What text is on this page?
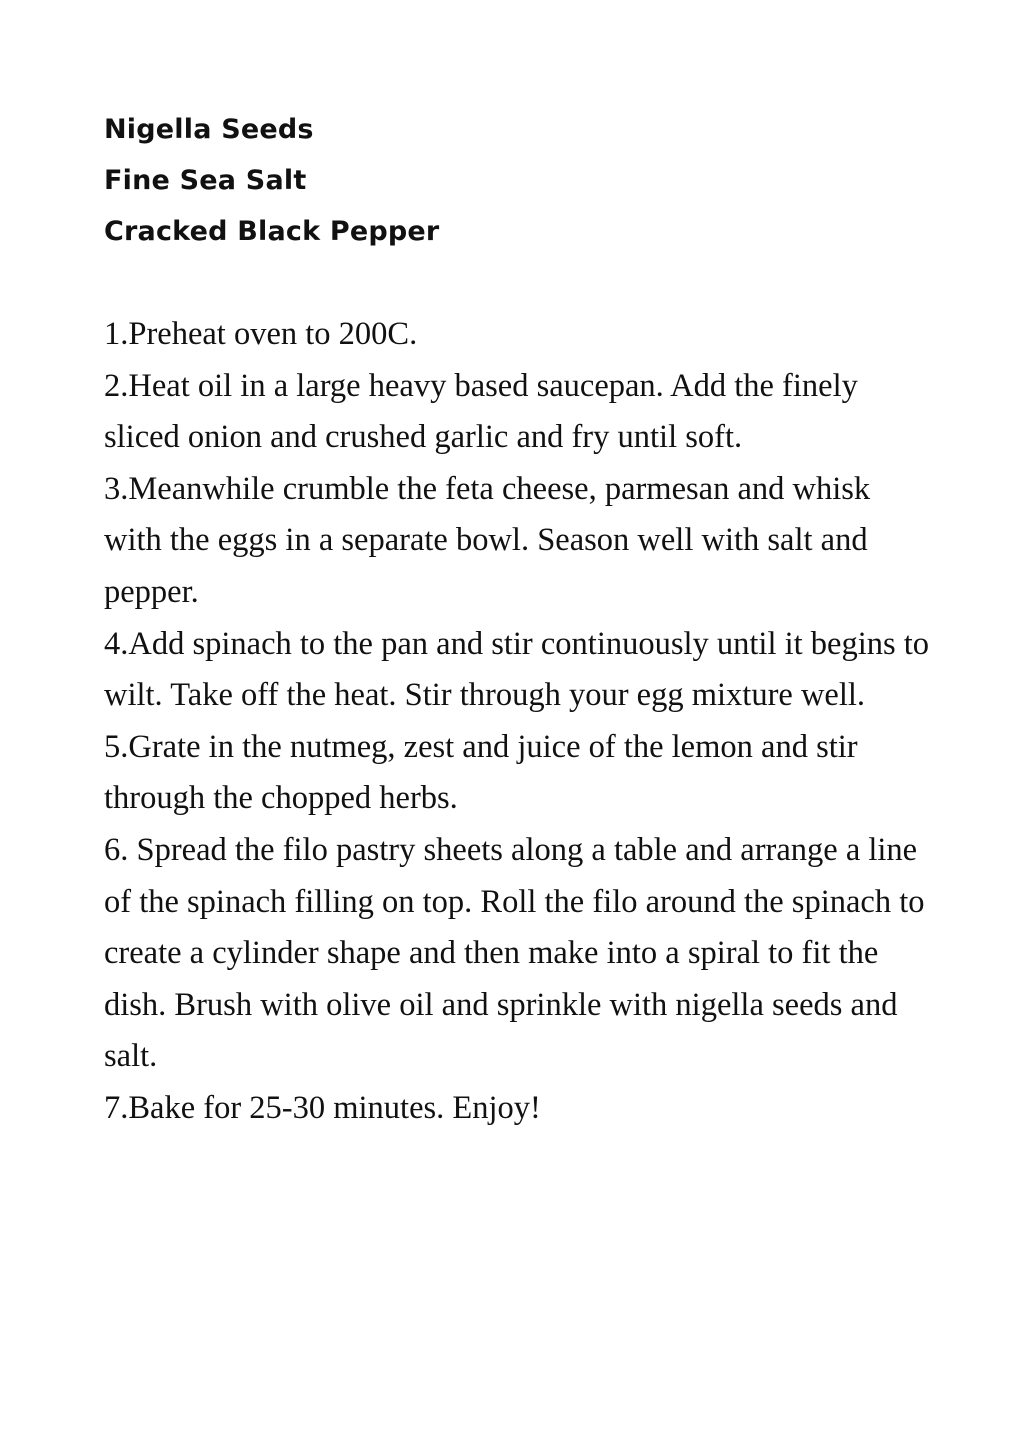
Nigella Seeds
Fine Sea Salt
Cracked Black Pepper
1.Preheat oven to 200C.
2.Heat oil in a large heavy based saucepan. Add the finely sliced onion and crushed garlic and fry until soft.
3.Meanwhile crumble the feta cheese, parmesan and whisk with the eggs in a separate bowl. Season well with salt and pepper.
4.Add spinach to the pan and stir continuously until it begins to wilt. Take off the heat. Stir through your egg mixture well.
5.Grate in the nutmeg, zest and juice of the lemon and stir through the chopped herbs.
6. Spread the filo pastry sheets along a table and arrange a line of the spinach filling on top. Roll the filo around the spinach to create a cylinder shape and then make into a spiral to fit the dish. Brush with olive oil and sprinkle with nigella seeds and salt.
7.Bake for 25-30 minutes. Enjoy!
